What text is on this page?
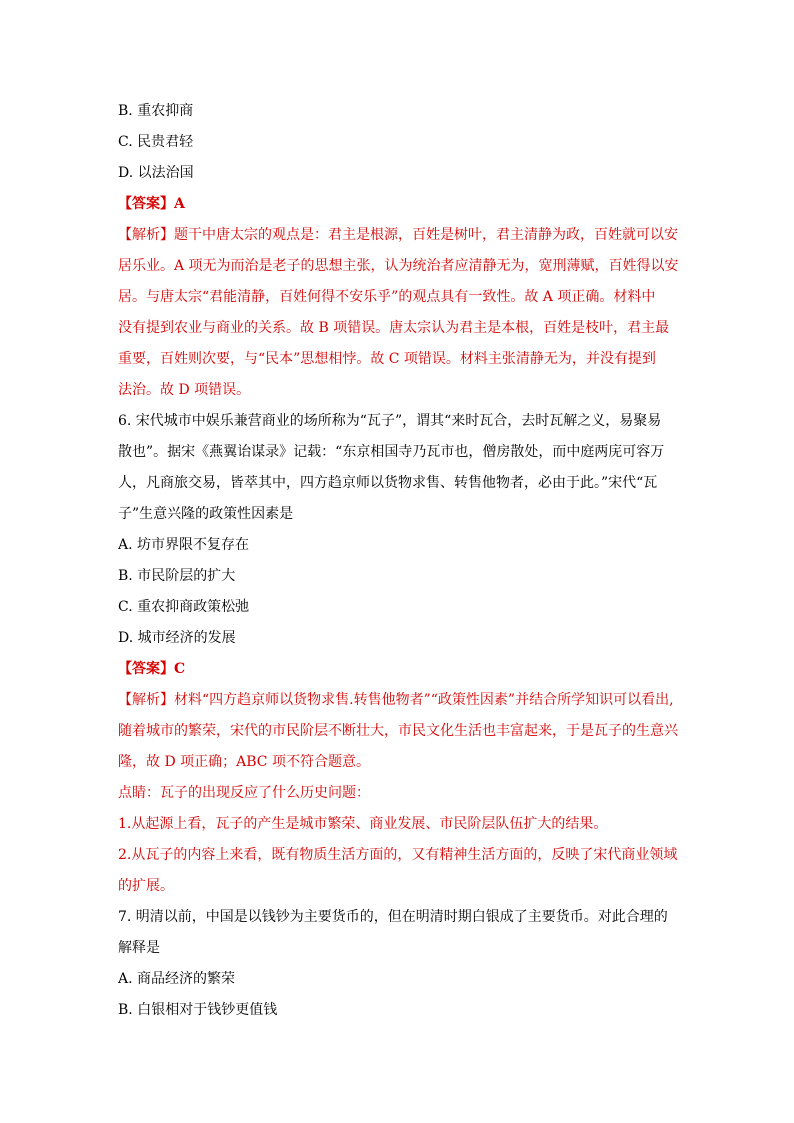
B. 重农抑商
C. 民贵君轻
D. 以法治国
【答案】A
【解析】题干中唐太宗的观点是：君主是根源，百姓是树叶，君主清静为政，百姓就可以安
居乐业。A 项无为而治是老子的思想主张，认为统治者应清静无为，宽刑薄赋，百姓得以安
居。与唐太宗“君能清静，百姓何得不安乐乎”的观点具有一致性。故 A 项正确。材料中
没有提到农业与商业的关系。故 B 项错误。唐太宗认为君主是本根，百姓是枝叶，君主最
重要，百姓则次要，与“民本”思想相悖。故 C 项错误。材料主张清静无为，并没有提到
法治。故 D 项错误。
6. 宋代城市中娱乐兼营商业的场所称为“瓦子”，谓其“来时瓦合，去时瓦解之义，易聚易
散也”。据宋《燕翼诒谋录》记载：“东京相国寺乃瓦市也，僧房散处，而中庭两庑可容万
人，凡商旅交易，皆萃其中，四方趋京师以货物求售、转售他物者，必由于此。”宋代“瓦
子”生意兴隆的政策性因素是
A. 坊市界限不复存在
B. 市民阶层的扩大
C. 重农抑商政策松弛
D. 城市经济的发展
【答案】C
【解析】材料“四方趋京师以货物求售.转售他物者”“政策性因素”并结合所学知识可以看出,
随着城市的繁荣，宋代的市民阶层不断壮大，市民文化生活也丰富起来，于是瓦子的生意兴
隆，故 D 项正确；ABC 项不符合题意。
点睛：瓦子的出现反应了什么历史问题：
1.从起源上看，瓦子的产生是城市繁荣、商业发展、市民阶层队伍扩大的结果。
2.从瓦子的内容上来看，既有物质生活方面的，又有精神生活方面的，反映了宋代商业领域
的扩展。
7. 明清以前，中国是以钱钞为主要货币的，但在明清时期白银成了主要货币。对此合理的
解释是
A. 商品经济的繁荣
B. 白银相对于钱钞更值钱
